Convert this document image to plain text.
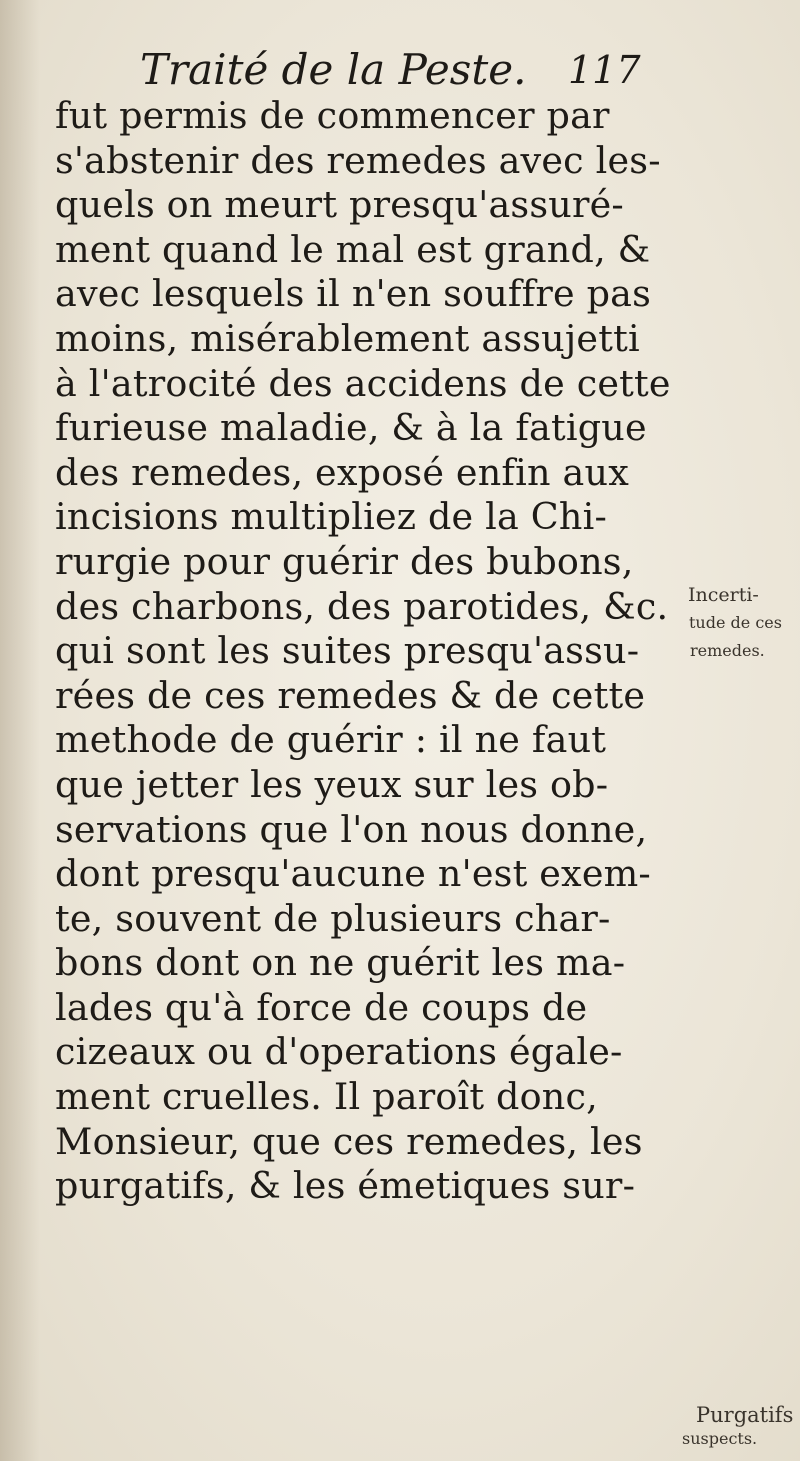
Traité de la Peste. 117
fut permis de commencer par
s'abstenir des remedes avec les-
quels on meurt presqu'assuré-
ment quand le mal est grand, &
avec lesquels il n'en souffre pas
moins, misérablement assujetti
à l'atrocité des accidens de cette
furieuse maladie, & à la fatigue
des remedes, exposé enfin aux
incisions multipliez de la Chi-
rurgie pour guérir des bubons,
des charbons, des parotides, &c.
qui sont les suites presqu'assu-
rées de ces remedes & de cette
methode de guérir : il ne faut
que jetter les yeux sur les ob-
servations que l'on nous donne,
dont presqu'aucune n'est exem-
te, souvent de plusieurs char-
bons dont on ne guérit les ma-
lades qu'à force de coups de
cizeaux ou d'operations égale-
ment cruelles. Il paroît donc,
Monsieur, que ces remedes, les
purgatifs, & les émetiques sur-
Incerti-
tude de ces
remedes.
Purgatifs
suspects.
